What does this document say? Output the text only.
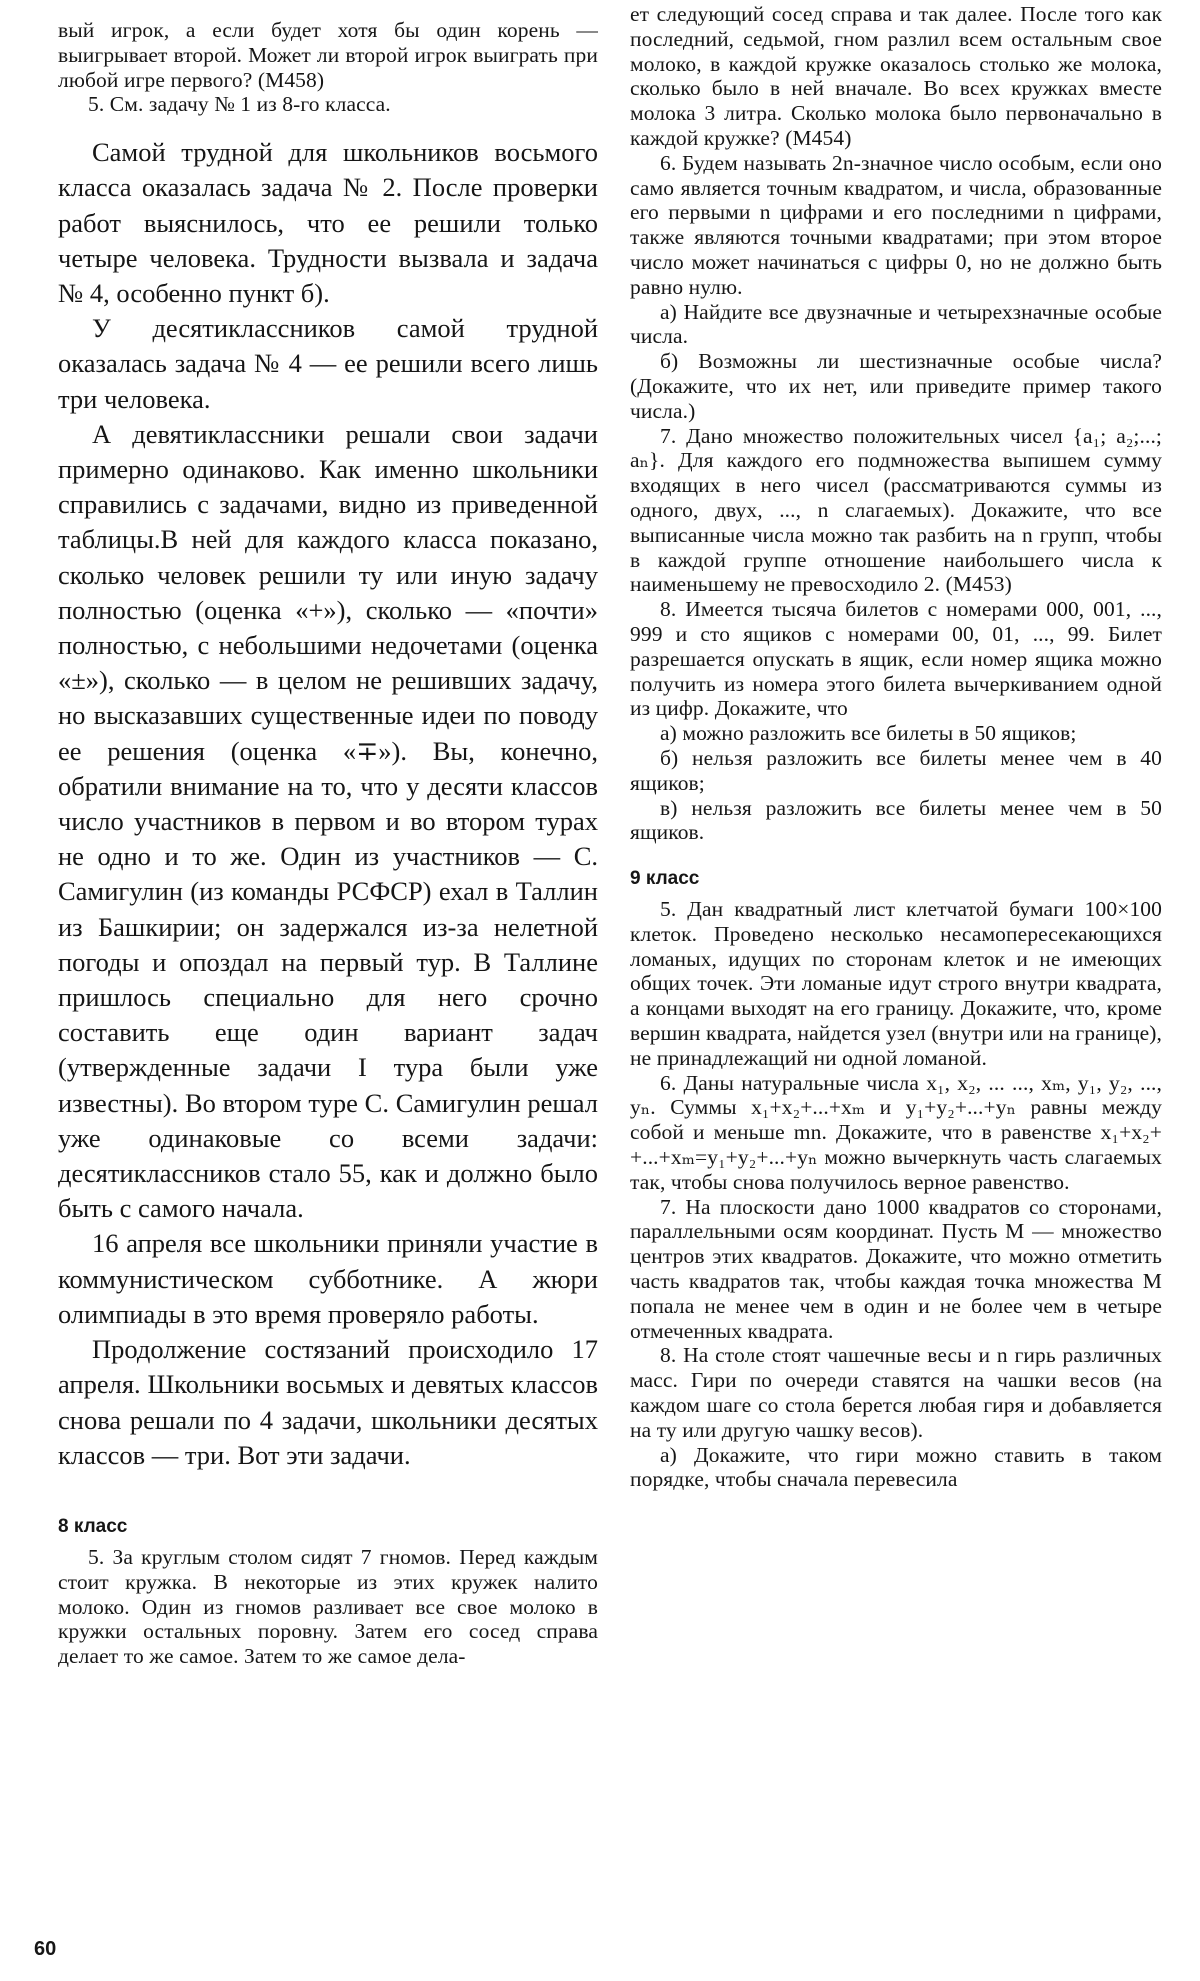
вый игрок, а если будет хотя бы один корень — выигрывает второй. Может ли второй игрок выиграть при любой игре первого? (М458)

5. См. задачу № 1 из 8-го класса.

Самой трудной для школьников восьмого класса оказалась задача № 2. После проверки работ выяснилось, что ее решили только четыре человека. Трудности вызвала и задача № 4, особенно пункт б).

У десятиклассников самой трудной оказалась задача № 4 — ее решили всего лишь три человека.

А девятиклассники решали свои задачи примерно одинаково. Как именно школьники справились с задачами, видно из приведенной таблицы.В ней для каждого класса показано, сколько человек решили ту или иную задачу полностью (оценка «+»), сколько — «почти» полностью, с небольшими недочетами (оценка «±»), сколько — в целом не решивших задачу, но высказавших существенные идеи по поводу ее решения (оценка «∓»). Вы, конечно, обратили внимание на то, что у десяти классов число участников в первом и во втором турах не одно и то же. Один из участников — С. Самигулин (из команды РСФСР) ехал в Таллин из Башкирии; он задержался из-за нелетной погоды и опоздал на первый тур. В Таллине пришлось специально для него срочно составить еще один вариант задач (утвержденные задачи I тура были уже известны). Во втором туре С. Самигулин решал уже одинаковые со всеми задачи: десятиклассников стало 55, как и должно было быть с самого начала.

16 апреля все школьники приняли участие в коммунистическом субботнике. А жюри олимпиады в это время проверяло работы.

Продолжение состязаний происходило 17 апреля. Школьники восьмых и девятых классов снова решали по 4 задачи, школьники десятых классов — три. Вот эти задачи.

8 класс

5. За круглым столом сидят 7 гномов. Перед каждым стоит кружка. В некоторые из этих кружек налито молоко. Один из гномов разливает все свое молоко в кружки остальных поровну. Затем его сосед справа делает то же самое. Затем то же самое дела-

ет следующий сосед справа и так далее. После того как последний, седьмой, гном разлил всем остальным свое молоко, в каждой кружке оказалось столько же молока, сколько было в ней вначале. Во всех кружках вместе молока 3 литра. Сколько молока было первоначально в каждой кружке? (М454)

6. Будем называть 2n-значное число особым, если оно само является точным квадратом, и числа, образованные его первыми n цифрами и его последними n цифрами, также являются точными квадратами; при этом второе число может начинаться с цифры 0, но не должно быть равно нулю.

а) Найдите все двузначные и четырехзначные особые числа.

б) Возможны ли шестизначные особые числа? (Докажите, что их нет, или приведите пример такого числа.)

7. Дано множество положительных чисел {a₁; a₂;...; aₙ}. Для каждого его подмножества выпишем сумму входящих в него чисел (рассматриваются суммы из одного, двух, ..., n слагаемых). Докажите, что все выписанные числа можно так разбить на n групп, чтобы в каждой группе отношение наибольшего числа к наименьшему не превосходило 2. (М453)

8. Имеется тысяча билетов с номерами 000, 001, ..., 999 и сто ящиков с номерами 00, 01, ..., 99. Билет разрешается опускать в ящик, если номер ящика можно получить из номера этого билета вычеркиванием одной из цифр. Докажите, что

а) можно разложить все билеты в 50 ящиков;

б) нельзя разложить все билеты менее чем в 40 ящиков;

в) нельзя разложить все билеты менее чем в 50 ящиков.

9 класс

5. Дан квадратный лист клетчатой бумаги 100×100 клеток. Проведено несколько несамопересекающихся ломаных, идущих по сторонам клеток и не имеющих общих точек. Эти ломаные идут строго внутри квадрата, а концами выходят на его границу. Докажите, что, кроме вершин квадрата, найдется узел (внутри или на границе), не принадлежащий ни одной ломаной.

6. Даны натуральные числа x₁, x₂, ... ..., xₘ, y₁, y₂, ..., yₙ. Суммы x₁+x₂+...+xₘ и y₁+y₂+...+yₙ равны между собой и меньше mn. Докажите, что в равенстве x₁+x₂+ +...+xₘ=y₁+y₂+...+yₙ можно вычеркнуть часть слагаемых так, чтобы снова получилось верное равенство.

7. На плоскости дано 1000 квадратов со сторонами, параллельными осям координат. Пусть M — множество центров этих квадратов. Докажите, что можно отметить часть квадратов так, чтобы каждая точка множества M попала не менее чем в один и не более чем в четыре отмеченных квадрата.

8. На столе стоят чашечные весы и n гирь различных масс. Гири по очереди ставятся на чашки весов (на каждом шаге со стола берется любая гиря и добавляется на ту или другую чашку весов).

а) Докажите, что гири можно ставить в таком порядке, чтобы сначала перевесила

60
